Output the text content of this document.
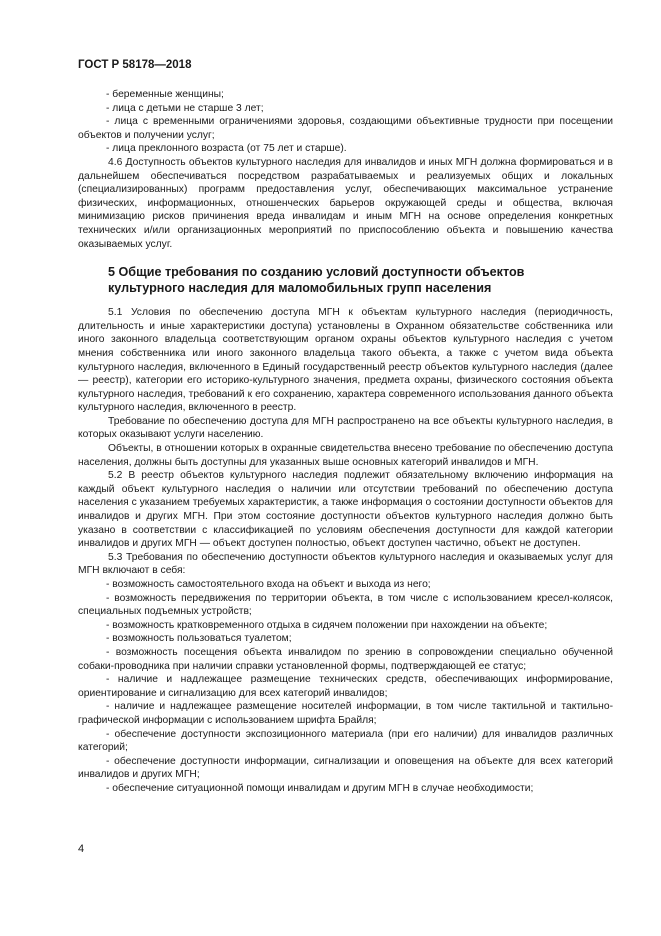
ГОСТ Р 58178—2018

- беременные женщины;

- лица с детьми не старше 3 лет;

- лица с временными ограничениями здоровья, создающими объективные трудности при посещении объектов и получении услуг;

- лица преклонного возраста (от 75 лет и старше).

4.6 Доступность объектов культурного наследия для инвалидов и иных МГН должна формироваться и в дальнейшем обеспечиваться посредством разрабатываемых и реализуемых общих и локальных (специализированных) программ предоставления услуг, обеспечивающих максимальное устранение физических, информационных, отношенческих барьеров окружающей среды и общества, включая минимизацию рисков причинения вреда инвалидам и иным МГН на основе определения конкретных технических и/или организационных мероприятий по приспособлению объекта и повышению качества оказываемых услуг.

5 Общие требования по созданию условий доступности объектов
культурного наследия для маломобильных групп населения

5.1 Условия по обеспечению доступа МГН к объектам культурного наследия (периодичность, длительность и иные характеристики доступа) установлены в Охранном обязательстве собственника или иного законного владельца соответствующим органом охраны объектов культурного наследия с учетом мнения собственника или иного законного владельца такого объекта, а также с учетом вида объекта культурного наследия, включенного в Единый государственный реестр объектов культурного наследия (далее — реестр), категории его историко-культурного значения, предмета охраны, физического состояния объекта культурного наследия, требований к его сохранению, характера современного использования данного объекта культурного наследия, включенного в реестр.

Требование по обеспечению доступа для МГН распространено на все объекты культурного наследия, в которых оказывают услуги населению.

Объекты, в отношении которых в охранные свидетельства внесено требование по обеспечению доступа населения, должны быть доступны для указанных выше основных категорий инвалидов и МГН.

5.2 В реестр объектов культурного наследия подлежит обязательному включению информация на каждый объект культурного наследия о наличии или отсутствии требований по обеспечению доступа населения с указанием требуемых характеристик, а также информация о состоянии доступности объектов для инвалидов и других МГН. При этом состояние доступности объектов культурного наследия должно быть указано в соответствии с классификацией по условиям обеспечения доступности для каждой категории инвалидов и других МГН — объект доступен полностью, объект доступен частично, объект не доступен.

5.3 Требования по обеспечению доступности объектов культурного наследия и оказываемых услуг для МГН включают в себя:

- возможность самостоятельного входа на объект и выхода из него;

- возможность передвижения по территории объекта, в том числе с использованием кресел-колясок, специальных подъемных устройств;

- возможность кратковременного отдыха в сидячем положении при нахождении на объекте;

- возможность пользоваться туалетом;

- возможность посещения объекта инвалидом по зрению в сопровождении специально обученной собаки-проводника при наличии справки установленной формы, подтверждающей ее статус;

- наличие и надлежащее размещение технических средств, обеспечивающих информирование, ориентирование и сигнализацию для всех категорий инвалидов;

- наличие и надлежащее размещение носителей информации, в том числе тактильной и тактильно-графической информации с использованием шрифта Брайля;

- обеспечение доступности экспозиционного материала (при его наличии) для инвалидов различных категорий;

- обеспечение доступности информации, сигнализации и оповещения на объекте для всех категорий инвалидов и других МГН;

- обеспечение ситуационной помощи инвалидам и другим МГН в случае необходимости;

4
